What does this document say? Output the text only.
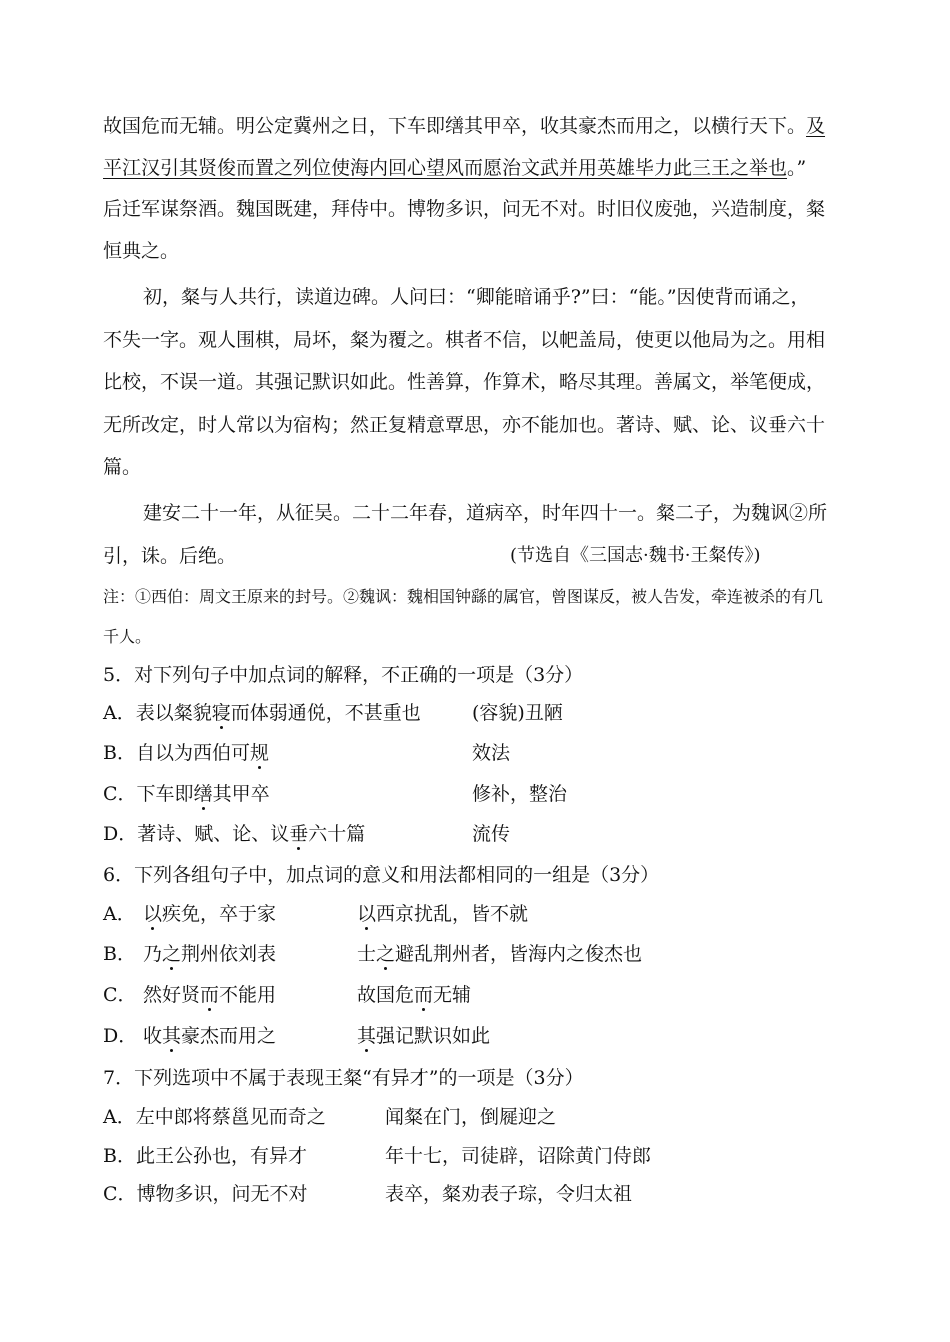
故国危而无辅。明公定冀州之日，下车即缮其甲卒，收其豪杰而用之，以横行天下。及
平江汉引其贤俊而置之列位使海内回心望风而愿治文武并用英雄毕力此三王之举也。”
后迁军谋祭酒。魏国既建，拜侍中。博物多识，问无不对。时旧仪废弛，兴造制度，粲
恒典之。
初，粲与人共行，读道边碑。人问曰：“卿能暗诵乎?”曰：“能。”因使背而诵之，
不失一字。观人围棋，局坏，粲为覆之。棋者不信，以帊盖局，使更以他局为之。用相
比校，不误一道。其强记默识如此。性善算，作算术，略尽其理。善属文，举笔便成，
无所改定，时人常以为宿构；然正复精意覃思，亦不能加也。著诗、赋、论、议垂六十
篇。
建安二十一年，从征吴。二十二年春，道病卒，时年四十一。粲二子，为魏讽②所
引，诛。后绝。	(节选自《三国志·魏书·王粲传》)
注：①西伯：周文王原来的封号。②魏讽：魏相国钟繇的属官，曾图谋反，被人告发，牵连被杀的有几
千人。
5．对下列句子中加点词的解释，不正确的一项是（3分）
A．表以粲貌寝而体弱通侻，不甚重也	(容貌)丑陋
B．自以为西伯可规	效法
C．下车即缮其甲卒	修补，整治
D．著诗、赋、论、议垂六十篇	流传
6．下列各组句子中，加点词的意义和用法都相同的一组是（3分）
A． 以疾免，卒于家	以西京扰乱，皆不就
B． 乃之荆州依刘表	士之避乱荆州者，皆海内之俊杰也
C． 然好贤而不能用	故国危而无辅
D． 收其豪杰而用之	其强记默识如此
7．下列选项中不属于表现王粲“有异才”的一项是（3分）
A．左中郎将蔡邕见而奇之	闻粲在门，倒屣迎之
B．此王公孙也，有异才	年十七，司徒辟，诏除黄门侍郎
C．博物多识，问无不对	表卒，粲劝表子琮，令归太祖
